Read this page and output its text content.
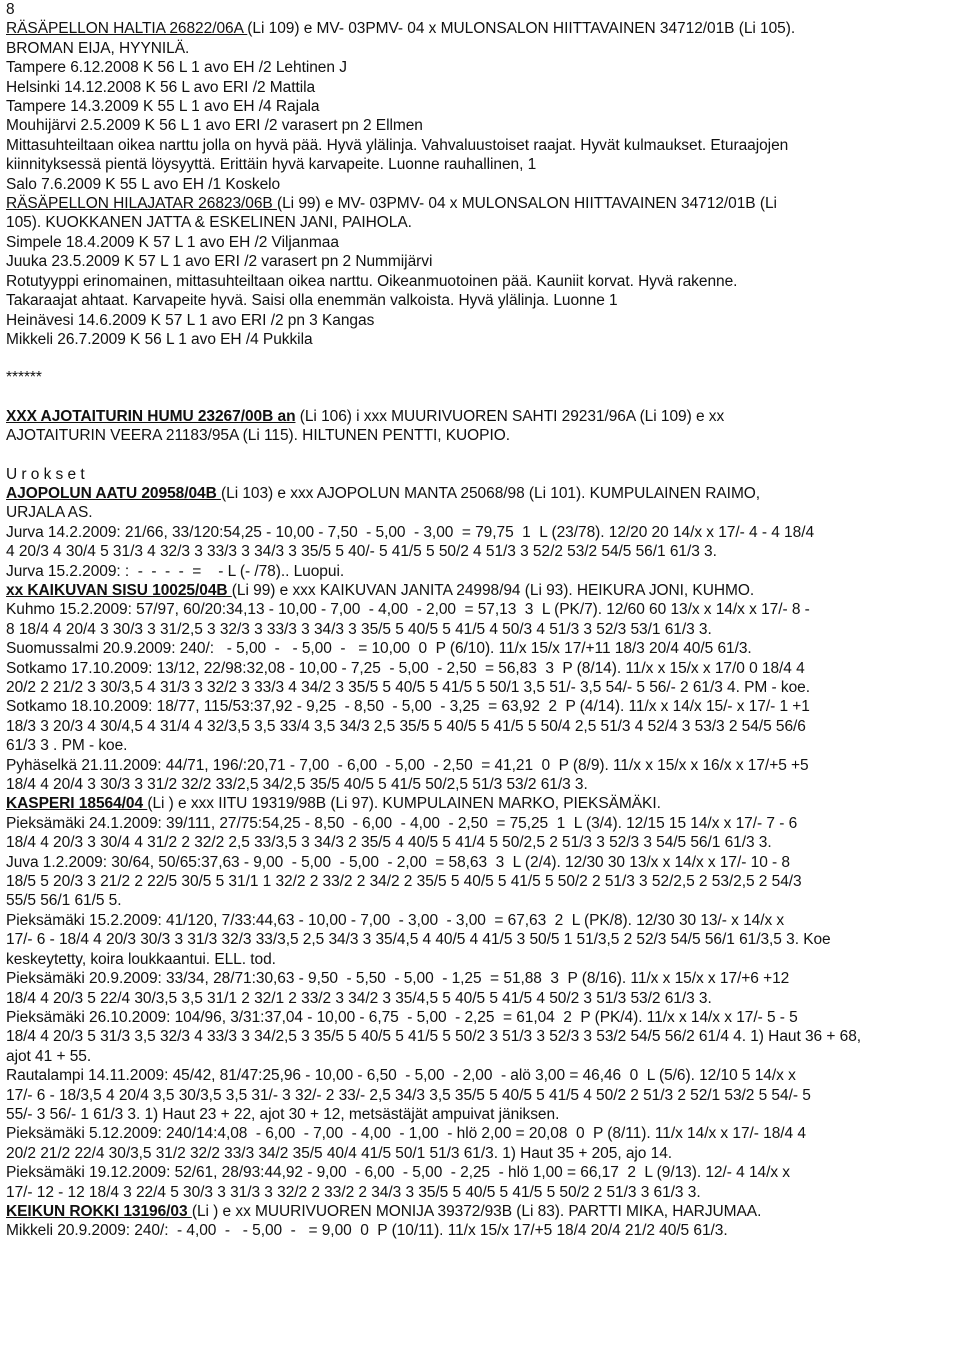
8
RÄSÄPELLON HALTIA 26822/06A (Li 109) e MV- 03PMV- 04 x MULONSALON HIITTAVAINEN 34712/01B (Li 105).
BROMAN EIJA, HYYNILÄ.
Tampere 6.12.2008 K 56 L 1 avo EH /2 Lehtinen J
Helsinki 14.12.2008 K 56 L avo ERI /2 Mattila
Tampere 14.3.2009 K 55 L 1 avo EH /4 Rajala
Mouhijärvi 2.5.2009 K 56 L 1 avo ERI /2 varasert pn 2 Ellmen
Mittasuhteiltaan oikea narttu jolla on hyvä pää. Hyvä ylälinja. Vahvaluustoiset raajat. Hyvät kulmaukset. Eturaajojen
kiinnityksessä pientä löysyyttä. Erittäin hyvä karvapeite. Luonne rauhallinen, 1
Salo 7.6.2009 K 55 L avo EH /1 Koskelo
RÄSÄPELLON HILAJATAR 26823/06B (Li 99) e MV- 03PMV- 04 x MULONSALON HIITTAVAINEN 34712/01B (Li
105). KUOKKANEN JATTA & ESKELINEN JANI, PAIHOLA.
Simpele 18.4.2009 K 57 L 1 avo EH /2 Viljanmaa
Juuka 23.5.2009 K 57 L 1 avo ERI /2 varasert pn 2 Nummijärvi
Rotutyyppi erinomainen, mittasuhteiltaan oikea narttu. Oikeanmuotoinen pää. Kauniit korvat. Hyvä rakenne.
Takaraajat ahtaat. Karvapeite hyvä. Saisi olla enemmän valkoista. Hyvä ylälinja. Luonne 1
Heinävesi 14.6.2009 K 57 L 1 avo ERI /2 pn 3 Kangas
Mikkeli 26.7.2009 K 56 L 1 avo EH /4 Pukkila
******
XXX AJOTAITURIN HUMU 23267/00B an (Li 106) i xxx MUURIVUOREN SAHTI 29231/96A (Li 109) e xx
AJOTAITURIN VEERA 21183/95A (Li 115). HILTUNEN PENTTI, KUOPIO.
U r o k s e t
AJOPOLUN AATU 20958/04B (Li 103) e xxx AJOPOLUN MANTA 25068/98 (Li 101). KUMPULAINEN RAIMO,
URJALA AS.
Jurva 14.2.2009: 21/66, 33/120:54,25 - 10,00 - 7,50  - 5,00  - 3,00  = 79,75  1  L (23/78). 12/20 20 14/x x 17/- 4 - 4 18/4
4 20/3 4 30/4 5 31/3 4 32/3 3 33/3 3 34/3 3 35/5 5 40/- 5 41/5 5 50/2 4 51/3 3 52/2 53/2 54/5 56/1 61/3 3.
Jurva 15.2.2009: :  -  -  -  -  =    - L (- /78).. Luopui.
xx KAIKUVAN SISU 10025/04B (Li 99) e xxx KAIKUVAN JANITA 24998/94 (Li 93). HEIKURA JONI, KUHMO.
Kuhmo 15.2.2009: 57/97, 60/20:34,13 - 10,00 - 7,00  - 4,00  - 2,00  = 57,13  3  L (PK/7). 12/60 60 13/x x 14/x x 17/- 8 -
8 18/4 4 20/4 3 30/3 3 31/2,5 3 32/3 3 33/3 3 34/3 3 35/5 5 40/5 5 41/5 4 50/3 4 51/3 3 52/3 53/1 61/3 3.
Suomussalmi 20.9.2009: 240/:   - 5,00  -   - 5,00  -   = 10,00  0  P (6/10). 11/x 15/x 17/+11 18/3 20/4 40/5 61/3.
Sotkamo 17.10.2009: 13/12, 22/98:32,08 - 10,00 - 7,25  - 5,00  - 2,50  = 56,83  3  P (8/14). 11/x x 15/x x 17/0 0 18/4 4
20/2 2 21/2 3 30/3,5 4 31/3 3 32/2 3 33/3 4 34/2 3 35/5 5 40/5 5 41/5 5 50/1 3,5 51/- 3,5 54/- 5 56/- 2 61/3 4. PM - koe.
Sotkamo 18.10.2009: 18/77, 115/53:37,92 - 9,25  - 8,50  - 5,00  - 3,25  = 63,92  2  P (4/14). 11/x x 14/x 15/- x 17/- 1 +1
18/3 3 20/3 4 30/4,5 4 31/4 4 32/3,5 3,5 33/4 3,5 34/3 2,5 35/5 5 40/5 5 41/5 5 50/4 2,5 51/3 4 52/4 3 53/3 2 54/5 56/6
61/3 3 . PM - koe.
Pyhäselkä 21.11.2009: 44/71, 196/:20,71 - 7,00  - 6,00  - 5,00  - 2,50  = 41,21  0  P (8/9). 11/x x 15/x x 16/x x 17/+5 +5
18/4 4 20/4 3 30/3 3 31/2 32/2 33/2,5 34/2,5 35/5 40/5 5 41/5 50/2,5 51/3 53/2 61/3 3.
KASPERI 18564/04 (Li ) e xxx IITU 19319/98B (Li 97). KUMPULAINEN MARKO, PIEKSÄMÄKI.
Pieksämäki 24.1.2009: 39/111, 27/75:54,25 - 8,50  - 6,00  - 4,00  - 2,50  = 75,25  1  L (3/4). 12/15 15 14/x x 17/- 7 - 6
18/4 4 20/3 3 30/4 4 31/2 2 32/2 2,5 33/3,5 3 34/3 2 35/5 4 40/5 5 41/4 5 50/2,5 2 51/3 3 52/3 3 54/5 56/1 61/3 3.
Juva 1.2.2009: 30/64, 50/65:37,63 - 9,00  - 5,00  - 5,00  - 2,00  = 58,63  3  L (2/4). 12/30 30 13/x x 14/x x 17/- 10 - 8
18/5 5 20/3 3 21/2 2 22/5 30/5 5 31/1 1 32/2 2 33/2 2 34/2 2 35/5 5 40/5 5 41/5 5 50/2 2 51/3 3 52/2,5 2 53/2,5 2 54/3
55/5 56/1 61/5 5.
Pieksämäki 15.2.2009: 41/120, 7/33:44,63 - 10,00 - 7,00  - 3,00  - 3,00  = 67,63  2  L (PK/8). 12/30 30 13/- x 14/x x
17/- 6 - 18/4 4 20/3 30/3 3 31/3 32/3 33/3,5 2,5 34/3 3 35/4,5 4 40/5 4 41/5 3 50/5 1 51/3,5 2 52/3 54/5 56/1 61/3,5 3. Koe
keskeytetty, koira loukkaantui. ELL. tod.
Pieksämäki 20.9.2009: 33/34, 28/71:30,63 - 9,50  - 5,50  - 5,00  - 1,25  = 51,88  3  P (8/16). 11/x x 15/x x 17/+6 +12
18/4 4 20/3 5 22/4 30/3,5 3,5 31/1 2 32/1 2 33/2 3 34/2 3 35/4,5 5 40/5 5 41/5 4 50/2 3 51/3 53/2 61/3 3.
Pieksämäki 26.10.2009: 104/96, 3/31:37,04 - 10,00 - 6,75  - 5,00  - 2,25  = 61,04  2  P (PK/4). 11/x x 14/x x 17/- 5 - 5
18/4 4 20/3 5 31/3 3,5 32/3 4 33/3 3 34/2,5 3 35/5 5 40/5 5 41/5 5 50/2 3 51/3 3 52/3 3 53/2 54/5 56/2 61/4 4. 1) Haut 36 + 68,
ajot 41 + 55.
Rautalampi 14.11.2009: 45/42, 81/47:25,96 - 10,00 - 6,50  - 5,00  - 2,00  - alö 3,00 = 46,46  0  L (5/6). 12/10 5 14/x x
17/- 6 - 18/3,5 4 20/4 3,5 30/3,5 3,5 31/- 3 32/- 2 33/- 2,5 34/3 3,5 35/5 5 40/5 5 41/5 4 50/2 2 51/3 2 52/1 53/2 5 54/- 5
55/- 3 56/- 1 61/3 3. 1) Haut 23 + 22, ajot 30 + 12, metsästäjät ampuivat jäniksen.
Pieksämäki 5.12.2009: 240/14:4,08  - 6,00  - 7,00  - 4,00  - 1,00  - hlö 2,00 = 20,08  0  P (8/11). 11/x 14/x x 17/- 18/4 4
20/2 21/2 22/4 30/3,5 31/2 32/2 33/3 34/2 35/5 40/4 41/5 50/1 51/3 61/3. 1) Haut 35 + 205, ajo 14.
Pieksämäki 19.12.2009: 52/61, 28/93:44,92 - 9,00  - 6,00  - 5,00  - 2,25  - hlö 1,00 = 66,17  2  L (9/13). 12/- 4 14/x x
17/- 12 - 12 18/4 3 22/4 5 30/3 3 31/3 3 32/2 2 33/2 2 34/3 3 35/5 5 40/5 5 41/5 5 50/2 2 51/3 3 61/3 3.
KEIKUN ROKKI 13196/03 (Li ) e xx MUURIVUOREN MONIJA 39372/93B (Li 83). PARTTI MIKA, HARJUMAA.
Mikkeli 20.9.2009: 240/:  - 4,00  -   - 5,00  -   = 9,00  0  P (10/11). 11/x 15/x 17/+5 18/4 20/4 21/2 40/5 61/3.
